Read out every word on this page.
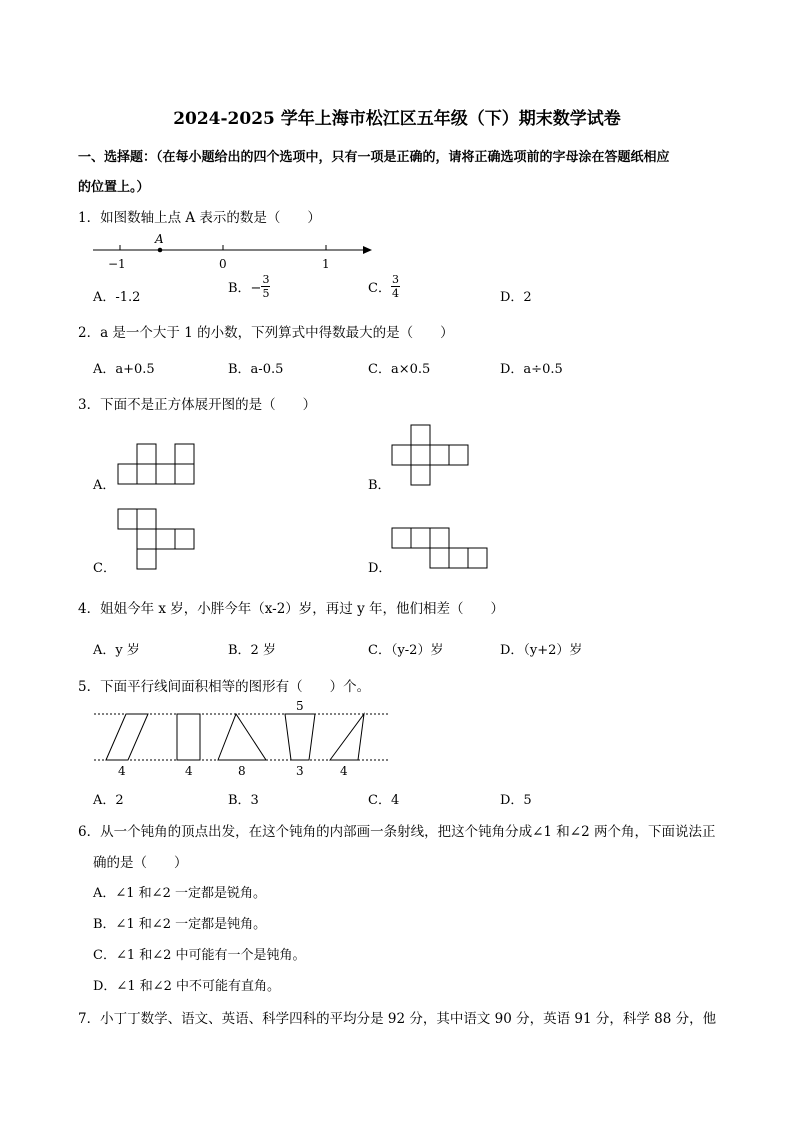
2024-2025 学年上海市松江区五年级（下）期末数学试卷
一、选择题：（在每小题给出的四个选项中，只有一项是正确的，请将正确选项前的字母涂在答题纸相应
的位置上。）
1．如图数轴上点 A 表示的数是（　　）
A
−1	0	1
A．-1.2
B．− $\frac{3}{5}$	C． $\frac{3}{4}$	D．2
2．a 是一个大于 1 的小数，下列算式中得数最大的是（　　）
A．a+0.5	B．a-0.5	C．a×0.5	D．a÷0.5
3．下面不是正方体展开图的是（　　）
A．	B．
C．	D．
4．姐姐今年 x 岁，小胖今年（x-2）岁，再过 y 年，他们相差（　　）
A．y 岁	B．2 岁	C．（y-2）岁	D．（y+2）岁
5．下面平行线间面积相等的图形有（　　）个。
5
4	4	8	3	4
A．2	B．3	C．4	D．5
6．从一个钝角的顶点出发，在这个钝角的内部画一条射线，把这个钝角分成∠1 和∠2 两个角，下面说法正
确的是（　　）
A．∠1 和∠2 一定都是锐角。
B．∠1 和∠2 一定都是钝角。
C．∠1 和∠2 中可能有一个是钝角。
D．∠1 和∠2 中不可能有直角。
7．小丁丁数学、语文、英语、科学四科的平均分是 92 分，其中语文 90 分，英语 91 分，科学 88 分，他
